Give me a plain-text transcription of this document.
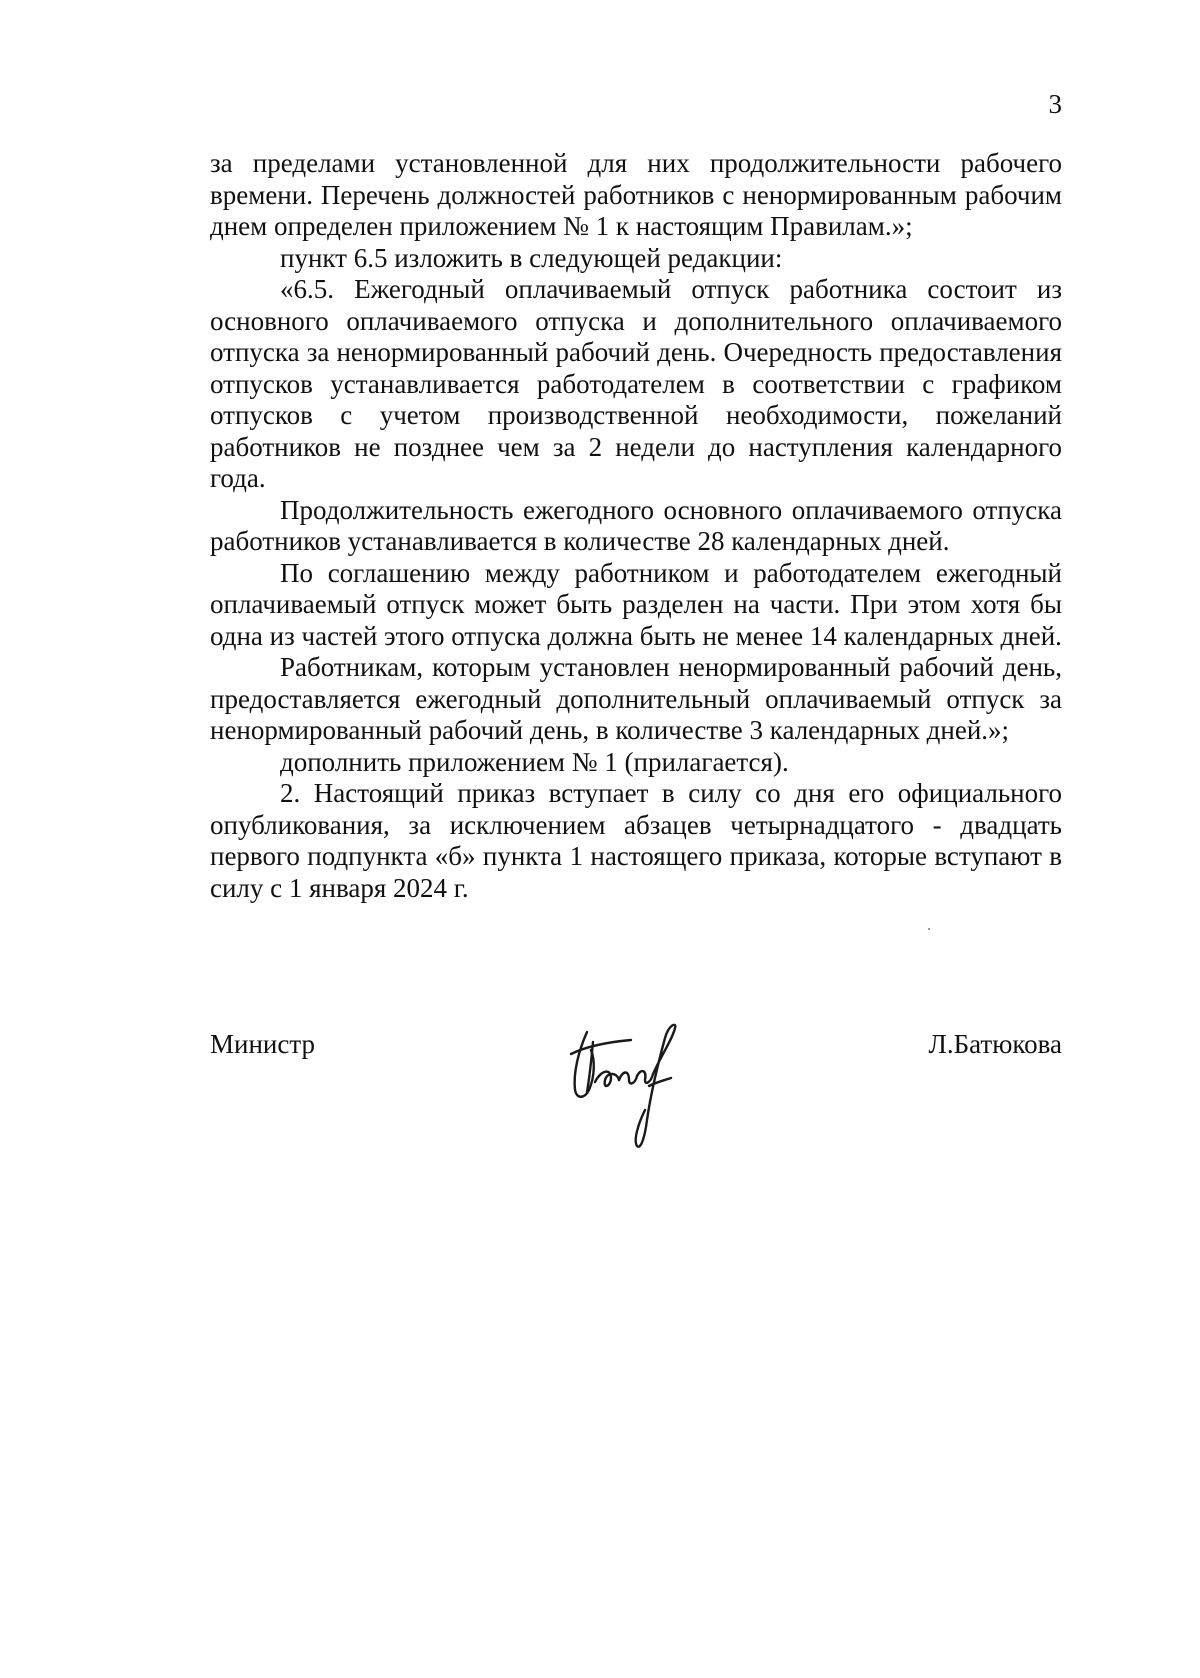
3

за пределами установленной для них продолжительности рабочего времени. Перечень должностей работников с ненормированным рабочим днем определен приложением № 1 к настоящим Правилам.»;

пункт 6.5 изложить в следующей редакции:

«6.5. Ежегодный оплачиваемый отпуск работника состоит из основного оплачиваемого отпуска и дополнительного оплачиваемого отпуска за ненормированный рабочий день. Очередность предоставления отпусков устанавливается работодателем в соответствии с графиком отпусков с учетом производственной необходимости, пожеланий работников не позднее чем за 2 недели до наступления календарного года.

Продолжительность ежегодного основного оплачиваемого отпуска работников устанавливается в количестве 28 календарных дней.

По соглашению между работником и работодателем ежегодный оплачиваемый отпуск может быть разделен на части. При этом хотя бы одна из частей этого отпуска должна быть не менее 14 календарных дней.

Работникам, которым установлен ненормированный рабочий день, предоставляется ежегодный дополнительный оплачиваемый отпуск за ненормированный рабочий день, в количестве 3 календарных дней.»;

дополнить приложением № 1 (прилагается).

2. Настоящий приказ вступает в силу со дня его официального опубликования, за исключением абзацев четырнадцатого - двадцать первого подпункта «б» пункта 1 настоящего приказа, которые вступают в силу с 1 января 2024 г.

Министр	Л.Батюкова
